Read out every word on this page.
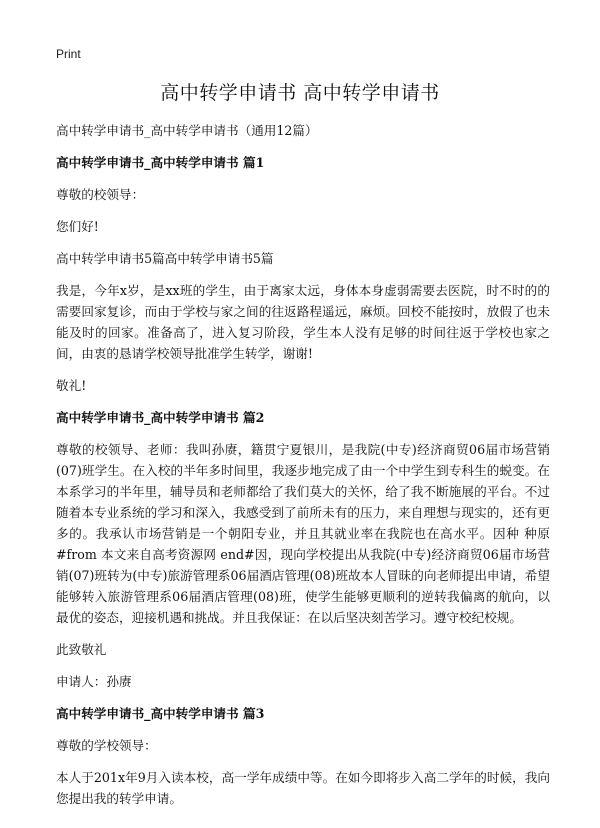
Print
高中转学申请书 高中转学申请书

高中转学申请书_高中转学申请书（通用12篇）

高中转学申请书_高中转学申请书 篇1

尊敬的校领导：

您们好!

高中转学申请书5篇高中转学申请书5篇

我是，今年x岁，是xx班的学生，由于离家太远，身体本身虚弱需要去医院，时不时的的需要回家复诊，而由于学校与家之间的往返路程遥远，麻烦。回校不能按时，放假了也未能及时的回家。准备高了，进入复习阶段，学生本人没有足够的时间往返于学校也家之间，由衷的恳请学校领导批准学生转学，谢谢!

敬礼!

高中转学申请书_高中转学申请书 篇2

尊敬的校领导、老师：我叫孙赓，籍贯宁夏银川，是我院(中专)经济商贸06届市场营销(07)班学生。在入校的半年多时间里，我逐步地完成了由一个中学生到专科生的蜕变。在本系学习的半年里，辅导员和老师都给了我们莫大的关怀，给了我不断施展的平台。不过随着本专业系统的学习和深入，我感受到了前所未有的压力，来自理想与现实的，还有更多的。我承认市场营销是一个朝阳专业，并且其就业率在我院也在高水平。因种 种原#from 本文来自高考资源网 end#因，现向学校提出从我院(中专)经济商贸06届市场营销(07)班转为(中专)旅游管理系06届酒店管理(08)班故本人冒昧的向老师提出申请，希望能够转入旅游管理系06届酒店管理(08)班，使学生能够更顺利的逆转我偏离的航向，以最优的姿态，迎接机遇和挑战。并且我保证：在以后坚决刻苦学习。遵守校纪校规。

此致敬礼

申请人：孙赓

高中转学申请书_高中转学申请书 篇3

尊敬的学校领导：

本人于201x年9月入读本校，高一学年成绩中等。在如今即将步入高二学年的时候，我向您提出我的转学申请。
